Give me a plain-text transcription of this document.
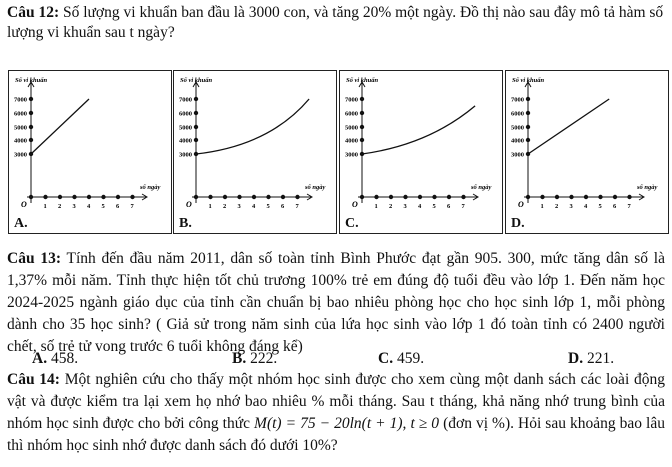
Câu 12: Số lượng vi khuẩn ban đầu là 3000 con, và tăng 20% một ngày. Đồ thị nào sau đây mô tả hàm số lượng vi khuẩn sau t ngày?
Số vi khuẩn
số ngày
O
7000
6000
5000
4000
3000
1 2 3 4 5 6 7
A.
Số vi khuẩn
số ngày
O
7000
6000
5000
4000
3000
1 2 3 4 5 6 7
B.
Số vi khuẩn
số ngày
O
7000
6000
5000
4000
3000
1 2 3 4 5 6 7
C.
Số vi khuẩn
số ngày
O
7000
6000
5000
4000
3000
1 2 3 4 5 6 7
D.
Câu 13: Tính đến đầu năm 2011, dân số toàn tỉnh Bình Phước đạt gần 905. 300, mức tăng dân số là 1,37% mỗi năm. Tỉnh thực hiện tốt chủ trương 100% trẻ em đúng độ tuổi đều vào lớp 1. Đến năm học 2024-2025 ngành giáo dục của tỉnh cần chuẩn bị bao nhiêu phòng học cho học sinh lớp 1, mỗi phòng dành cho 35 học sinh? ( Giả sử trong năm sinh của lứa học sinh vào lớp 1 đó toàn tỉnh có 2400 người chết, số trẻ tử vong trước 6 tuổi không đáng kể)
A. 458.	B. 222.	C. 459.	D. 221.
Câu 14: Một nghiên cứu cho thấy một nhóm học sinh được cho xem cùng một danh sách các loài động vật và được kiểm tra lại xem họ nhớ bao nhiêu % mỗi tháng. Sau t tháng, khả năng nhớ trung bình của nhóm học sinh được cho bởi công thức M(t) = 75 − 20ln(t + 1), t ≥ 0 (đơn vị %). Hỏi sau khoảng bao lâu thì nhóm học sinh nhớ được danh sách đó dưới 10%?
